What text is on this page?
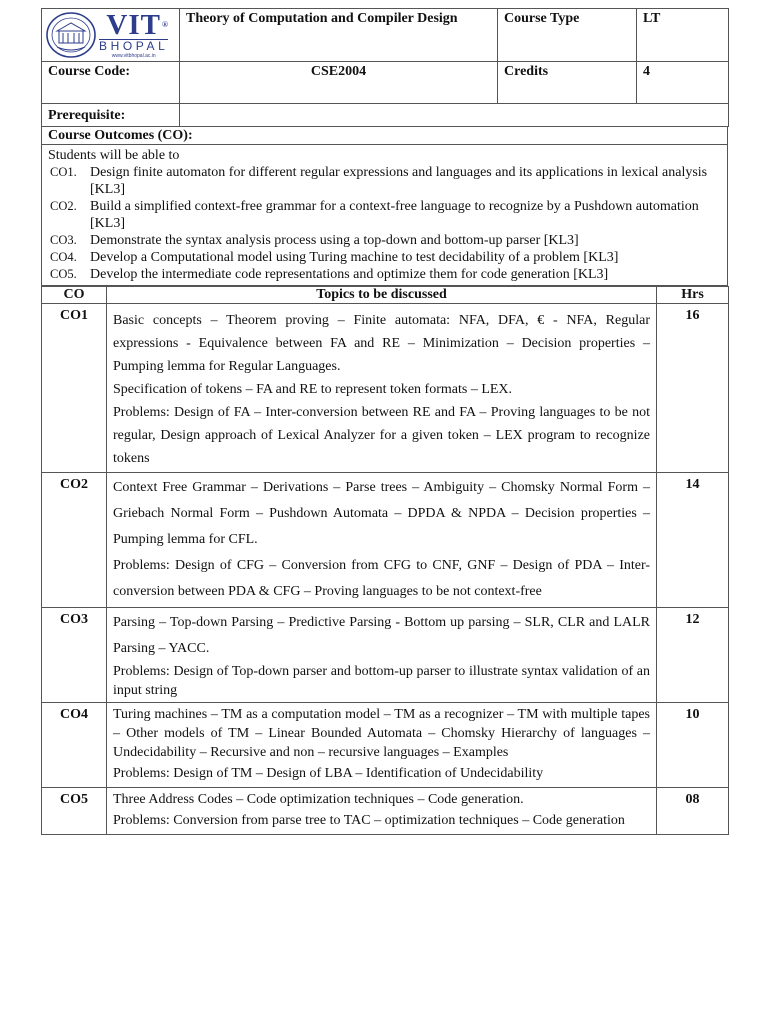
VIT ®
BHOPAL
www.vitbhopal.ac.in	Theory of Computation and Compiler Design	Course Type	LT
Course Code:	CSE2004	Credits	4
Prerequisite:			
Course Outcomes (CO):

Students will be able to
CO1. Design finite automaton for different regular expressions and languages and its applications in lexical analysis [KL3]
CO2. Build a simplified context-free grammar for a context-free language to recognize by a Pushdown automation [KL3]
CO3. Demonstrate the syntax analysis process using a top-down and bottom-up parser [KL3]
CO4. Develop a Computational model using Turing machine to test decidability of a problem [KL3]
CO5. Develop the intermediate code representations and optimize them for code generation [KL3]
CO	Topics to be discussed	Hrs
CO1	Basic concepts – Theorem proving – Finite automata: NFA, DFA, € - NFA, Regular expressions - Equivalence between FA and RE – Minimization – Decision properties – Pumping lemma for Regular Languages.
Specification of tokens – FA and RE to represent token formats – LEX.
Problems: Design of FA – Inter-conversion between RE and FA – Proving languages to be not regular, Design approach of Lexical Analyzer for a given token – LEX program to recognize tokens	16
CO2	Context Free Grammar – Derivations – Parse trees – Ambiguity – Chomsky Normal Form – Griebach Normal Form – Pushdown Automata – DPDA & NPDA – Decision properties – Pumping lemma for CFL.
Problems: Design of CFG – Conversion from CFG to CNF, GNF – Design of PDA – Inter-conversion between PDA & CFG – Proving languages to be not context-free	14
CO3	Parsing – Top-down Parsing – Predictive Parsing - Bottom up parsing – SLR, CLR and LALR Parsing – YACC.
Problems: Design of Top-down parser and bottom-up parser to illustrate syntax validation of an input string	12
CO4	Turing machines – TM as a computation model – TM as a recognizer – TM with multiple tapes – Other models of TM – Linear Bounded Automata – Chomsky Hierarchy of languages – Undecidability – Recursive and non – recursive languages – Examples
Problems: Design of TM – Design of LBA – Identification of Undecidability	10
CO5	Three Address Codes – Code optimization techniques – Code generation.
Problems: Conversion from parse tree to TAC – optimization techniques – Code generation	08
